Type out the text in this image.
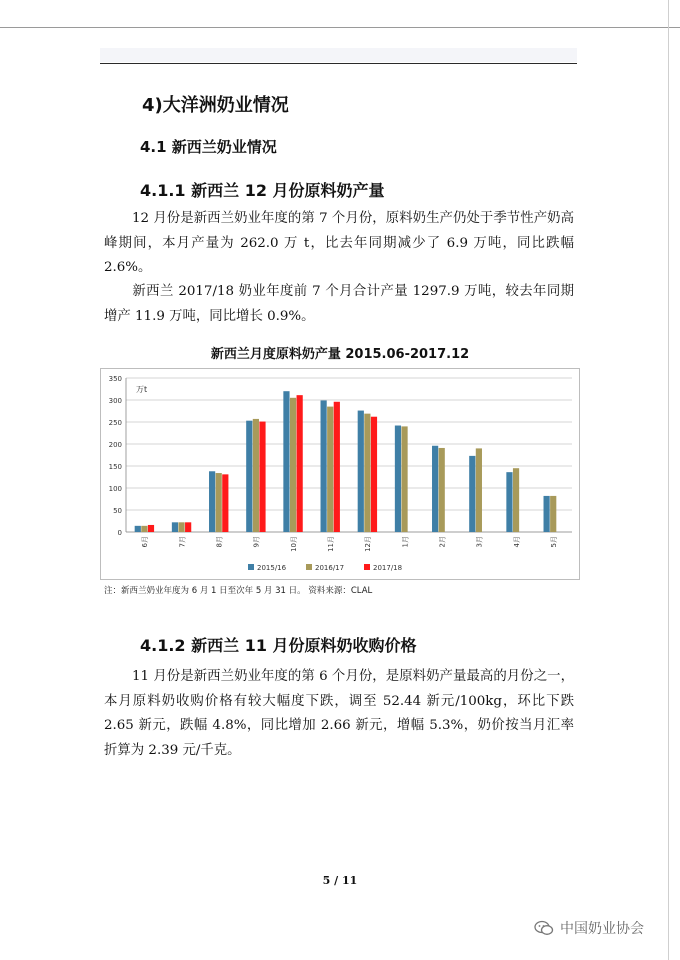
4)大洋洲奶业情况
4.1 新西兰奶业情况
4.1.1 新西兰 12 月份原料奶产量

12 月份是新西兰奶业年度的第 7 个月份，原料奶生产仍处于季节性产奶高峰期间，本月产量为 262.0 万 t，比去年同期减少了 6.9 万吨，同比跌幅 2.6%。

新西兰 2017/18 奶业年度前 7 个月合计产量 1297.9 万吨，较去年同期增产 11.9 万吨，同比增长 0.9%。

新西兰月度原料奶产量 2015.06-2017.12
0
50
100
150
200
250
300
350
万t
6月	7月	8月	9月	10月	11月	12月	1月	2月	3月	4月	5月
2015/16	2016/17	2017/18
注：新西兰奶业年度为 6 月 1 日至次年 5 月 31 日。 资料来源：CLAL
4.1.2 新西兰 11 月份原料奶收购价格

11 月份是新西兰奶业年度的第 6 个月份，是原料奶产量最高的月份之一，本月原料奶收购价格有较大幅度下跌，调至 52.44 新元/100kg，环比下跌 2.65 新元，跌幅 4.8%，同比增加 2.66 新元，增幅 5.3%，奶价按当月汇率折算为 2.39 元/千克。

5 / 11
中国奶业协会
